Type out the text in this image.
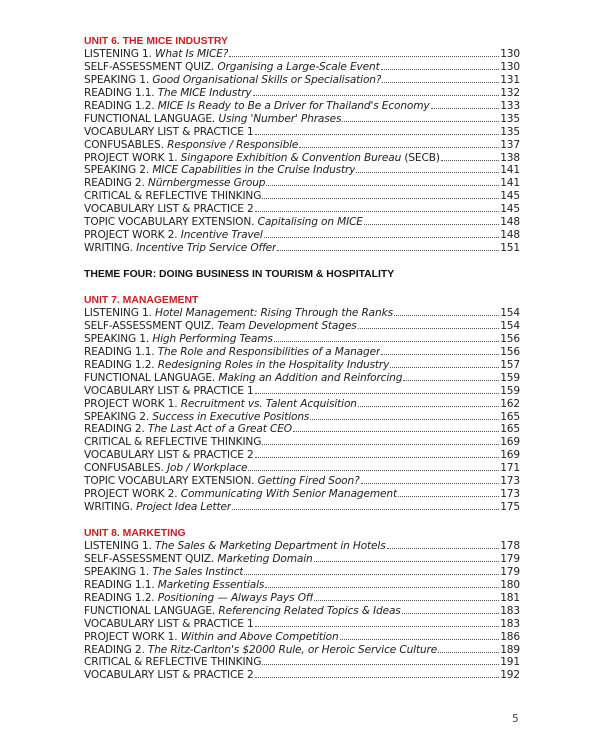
UNIT 6. THE MICE INDUSTRY
LISTENING 1. What Is MICE?	130
SELF-ASSESSMENT QUIZ. Organising a Large-Scale Event	130
SPEAKING 1. Good Organisational Skills or Specialisation?	131
READING 1.1. The MICE Industry	132
READING 1.2. MICE Is Ready to Be a Driver for Thailand's Economy	133
FUNCTIONAL LANGUAGE. Using 'Number' Phrases	135
VOCABULARY LIST & PRACTICE 1	135
CONFUSABLES. Responsive / Responsible	137
PROJECT WORK 1. Singapore Exhibition & Convention Bureau (SECB)	138
SPEAKING 2. MICE Capabilities in the Cruise Industry	141
READING 2. Nürnbergmesse Group	141
CRITICAL & REFLECTIVE THINKING	145
VOCABULARY LIST & PRACTICE 2	145
TOPIC VOCABULARY EXTENSION. Capitalising on MICE	148
PROJECT WORK 2. Incentive Travel	148
WRITING. Incentive Trip Service Offer	151
THEME FOUR: DOING BUSINESS IN TOURISM & HOSPITALITY
UNIT 7. MANAGEMENT
LISTENING 1. Hotel Management: Rising Through the Ranks	154
SELF-ASSESSMENT QUIZ. Team Development Stages	154
SPEAKING 1. High Performing Teams	156
READING 1.1. The Role and Responsibilities of a Manager	156
READING 1.2. Redesigning Roles in the Hospitality Industry	157
FUNCTIONAL LANGUAGE. Making an Addition and Reinforcing	159
VOCABULARY LIST & PRACTICE 1	159
PROJECT WORK 1. Recruitment vs. Talent Acquisition	162
SPEAKING 2. Success in Executive Positions	165
READING 2. The Last Act of a Great CEO	165
CRITICAL & REFLECTIVE THINKING	169
VOCABULARY LIST & PRACTICE 2	169
CONFUSABLES. Job / Workplace	171
TOPIC VOCABULARY EXTENSION. Getting Fired Soon?	173
PROJECT WORK 2. Communicating With Senior Management	173
WRITING. Project Idea Letter	175
UNIT 8. MARKETING
LISTENING 1. The Sales & Marketing Department in Hotels	178
SELF-ASSESSMENT QUIZ. Marketing Domain	179
SPEAKING 1. The Sales Instinct	179
READING 1.1. Marketing Essentials	180
READING 1.2. Positioning — Always Pays Off	181
FUNCTIONAL LANGUAGE. Referencing Related Topics & Ideas	183
VOCABULARY LIST & PRACTICE 1	183
PROJECT WORK 1. Within and Above Competition	186
READING 2. The Ritz-Carlton's $2000 Rule, or Heroic Service Culture	189
CRITICAL & REFLECTIVE THINKING	191
VOCABULARY LIST & PRACTICE 2	192
5
